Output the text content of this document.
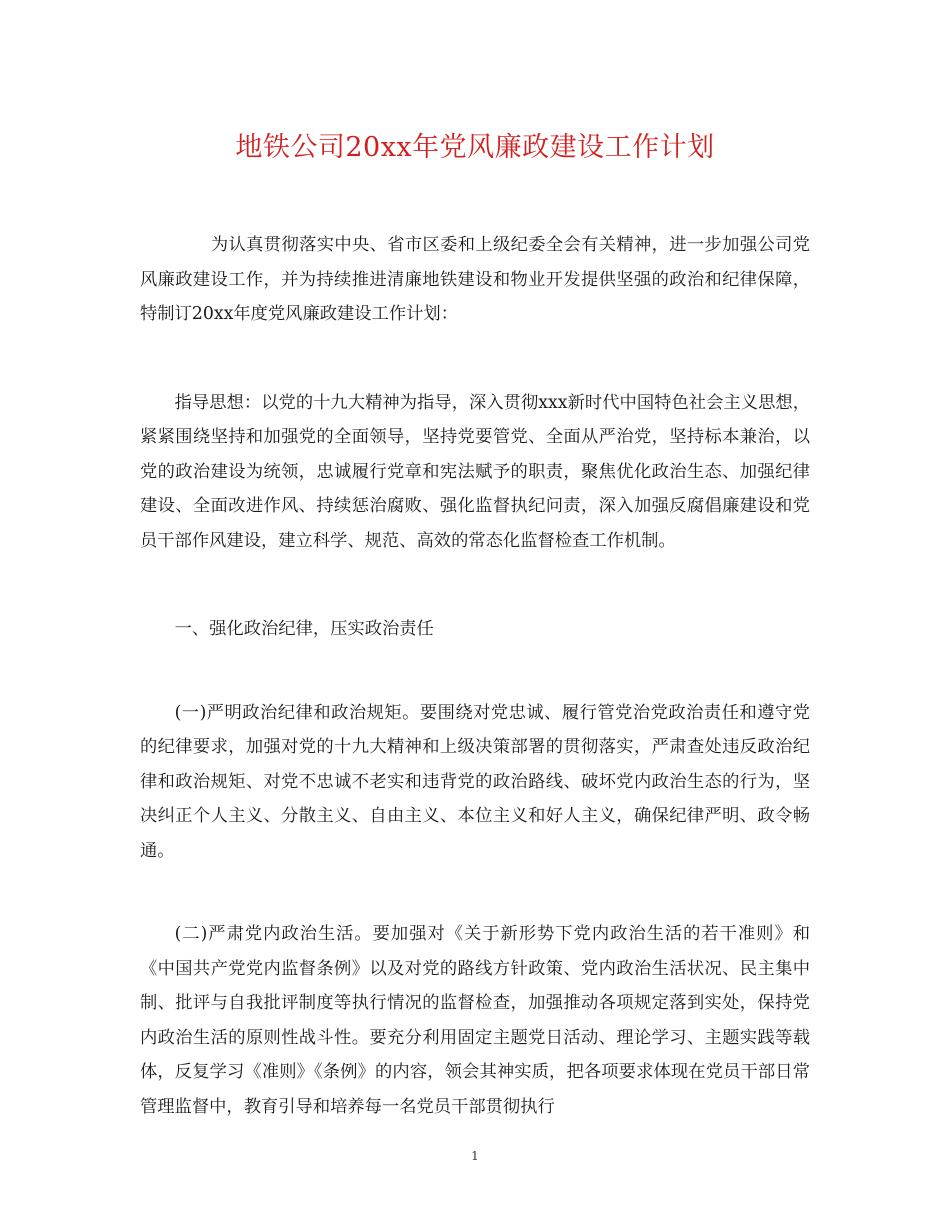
地铁公司20xx年党风廉政建设工作计划

为认真贯彻落实中央、省市区委和上级纪委全会有关精神，进一步加强公司党风廉政建设工作，并为持续推进清廉地铁建设和物业开发提供坚强的政治和纪律保障，特制订20xx年度党风廉政建设工作计划：

指导思想：以党的十九大精神为指导，深入贯彻xxx新时代中国特色社会主义思想，紧紧围绕坚持和加强党的全面领导，坚持党要管党、全面从严治党，坚持标本兼治，以党的政治建设为统领，忠诚履行党章和宪法赋予的职责，聚焦优化政治生态、加强纪律建设、全面改进作风、持续惩治腐败、强化监督执纪问责，深入加强反腐倡廉建设和党员干部作风建设，建立科学、规范、高效的常态化监督检查工作机制。

一、强化政治纪律，压实政治责任

(一)严明政治纪律和政治规矩。要围绕对党忠诚、履行管党治党政治责任和遵守党的纪律要求，加强对党的十九大精神和上级决策部署的贯彻落实，严肃查处违反政治纪律和政治规矩、对党不忠诚不老实和违背党的政治路线、破坏党内政治生态的行为，坚决纠正个人主义、分散主义、自由主义、本位主义和好人主义，确保纪律严明、政令畅通。

(二)严肃党内政治生活。要加强对《关于新形势下党内政治生活的若干准则》和《中国共产党党内监督条例》以及对党的路线方针政策、党内政治生活状况、民主集中制、批评与自我批评制度等执行情况的监督检查，加强推动各项规定落到实处，保持党内政治生活的原则性战斗性。要充分利用固定主题党日活动、理论学习、主题实践等载体，反复学习《准则》《条例》的内容，领会其神实质，把各项要求体现在党员干部日常管理监督中，教育引导和培养每一名党员干部贯彻执行

1
